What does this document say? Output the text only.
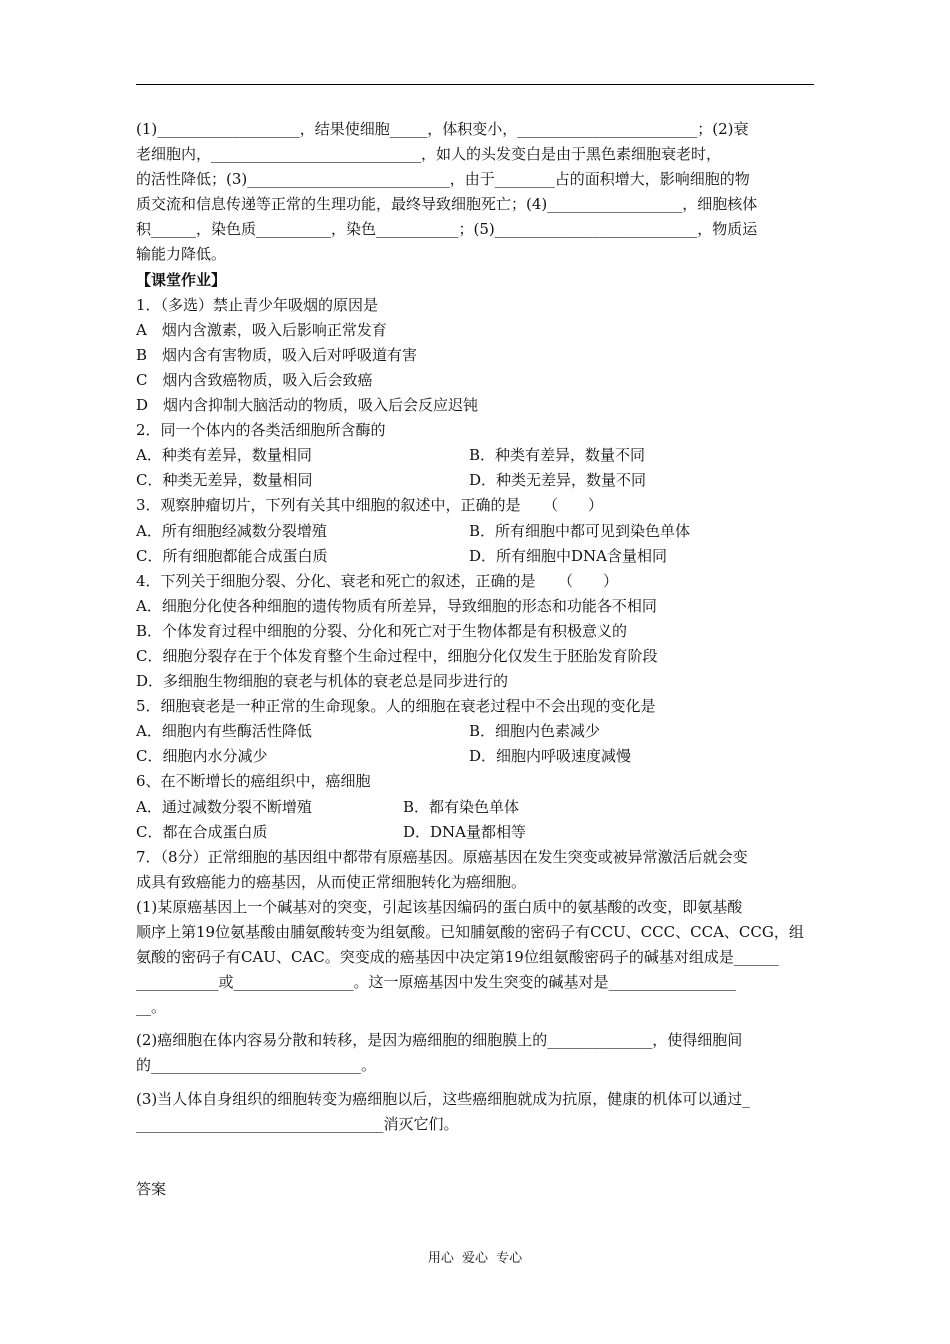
(1)___________________，结果使细胞_____，体积变小，________________________；(2)衰
老细胞内，____________________________，如人的头发变白是由于黑色素细胞衰老时，
的活性降低；(3)___________________________，由于________占的面积增大，影响细胞的物
质交流和信息传递等正常的生理功能，最终导致细胞死亡；(4)__________________，细胞核体
积______，染色质__________，染色___________；(5)___________________________，物质运
输能力降低。
【课堂作业】
1．（多选）禁止青少年吸烟的原因是
A　烟内含激素，吸入后影响正常发育
B　烟内含有害物质，吸入后对呼吸道有害
C　烟内含致癌物质，吸入后会致癌
D　烟内含抑制大脑活动的物质，吸入后会反应迟钝
2．同一个体内的各类活细胞所含酶的
A．种类有差异，数量相同	B．种类有差异，数量不同
C．种类无差异，数量相同	D．种类无差异，数量不同
3．观察肿瘤切片，下列有关其中细胞的叙述中，正确的是　　（　　）
A．所有细胞经减数分裂增殖	B．所有细胞中都可见到染色单体
C．所有细胞都能合成蛋白质	D．所有细胞中DNA含量相同
4．下列关于细胞分裂、分化、衰老和死亡的叙述，正确的是　　（　　）
A．细胞分化使各种细胞的遗传物质有所差异，导致细胞的形态和功能各不相同
B．个体发育过程中细胞的分裂、分化和死亡对于生物体都是有积极意义的
C．细胞分裂存在于个体发育整个生命过程中，细胞分化仅发生于胚胎发育阶段
D．多细胞生物细胞的衰老与机体的衰老总是同步进行的
5．细胞衰老是一种正常的生命现象。人的细胞在衰老过程中不会出现的变化是
A．细胞内有些酶活性降低	B．细胞内色素减少
C．细胞内水分减少	D．细胞内呼吸速度减慢
6、在不断增长的癌组织中，癌细胞
A．通过减数分裂不断增殖	B．都有染色单体
C．都在合成蛋白质	D．DNA量都相等
7．（8分）正常细胞的基因组中都带有原癌基因。原癌基因在发生突变或被异常激活后就会变
成具有致癌能力的癌基因，从而使正常细胞转化为癌细胞。
(1)某原癌基因上一个碱基对的突变，引起该基因编码的蛋白质中的氨基酸的改变，即氨基酸
顺序上第19位氨基酸由脯氨酸转变为组氨酸。已知脯氨酸的密码子有CCU、CCC、CCA、CCG，组
氨酸的密码子有CAU、CAC。突变成的癌基因中决定第19位组氨酸密码子的碱基对组成是______
___________或________________。这一原癌基因中发生突变的碱基对是_________________
__。
(2)癌细胞在体内容易分散和转移，是因为癌细胞的细胞膜上的______________，使得细胞间
的____________________________。
(3)当人体自身组织的细胞转变为癌细胞以后，这些癌细胞就成为抗原，健康的机体可以通过_
_________________________________消灭它们。
答案
用心 爱心 专心
